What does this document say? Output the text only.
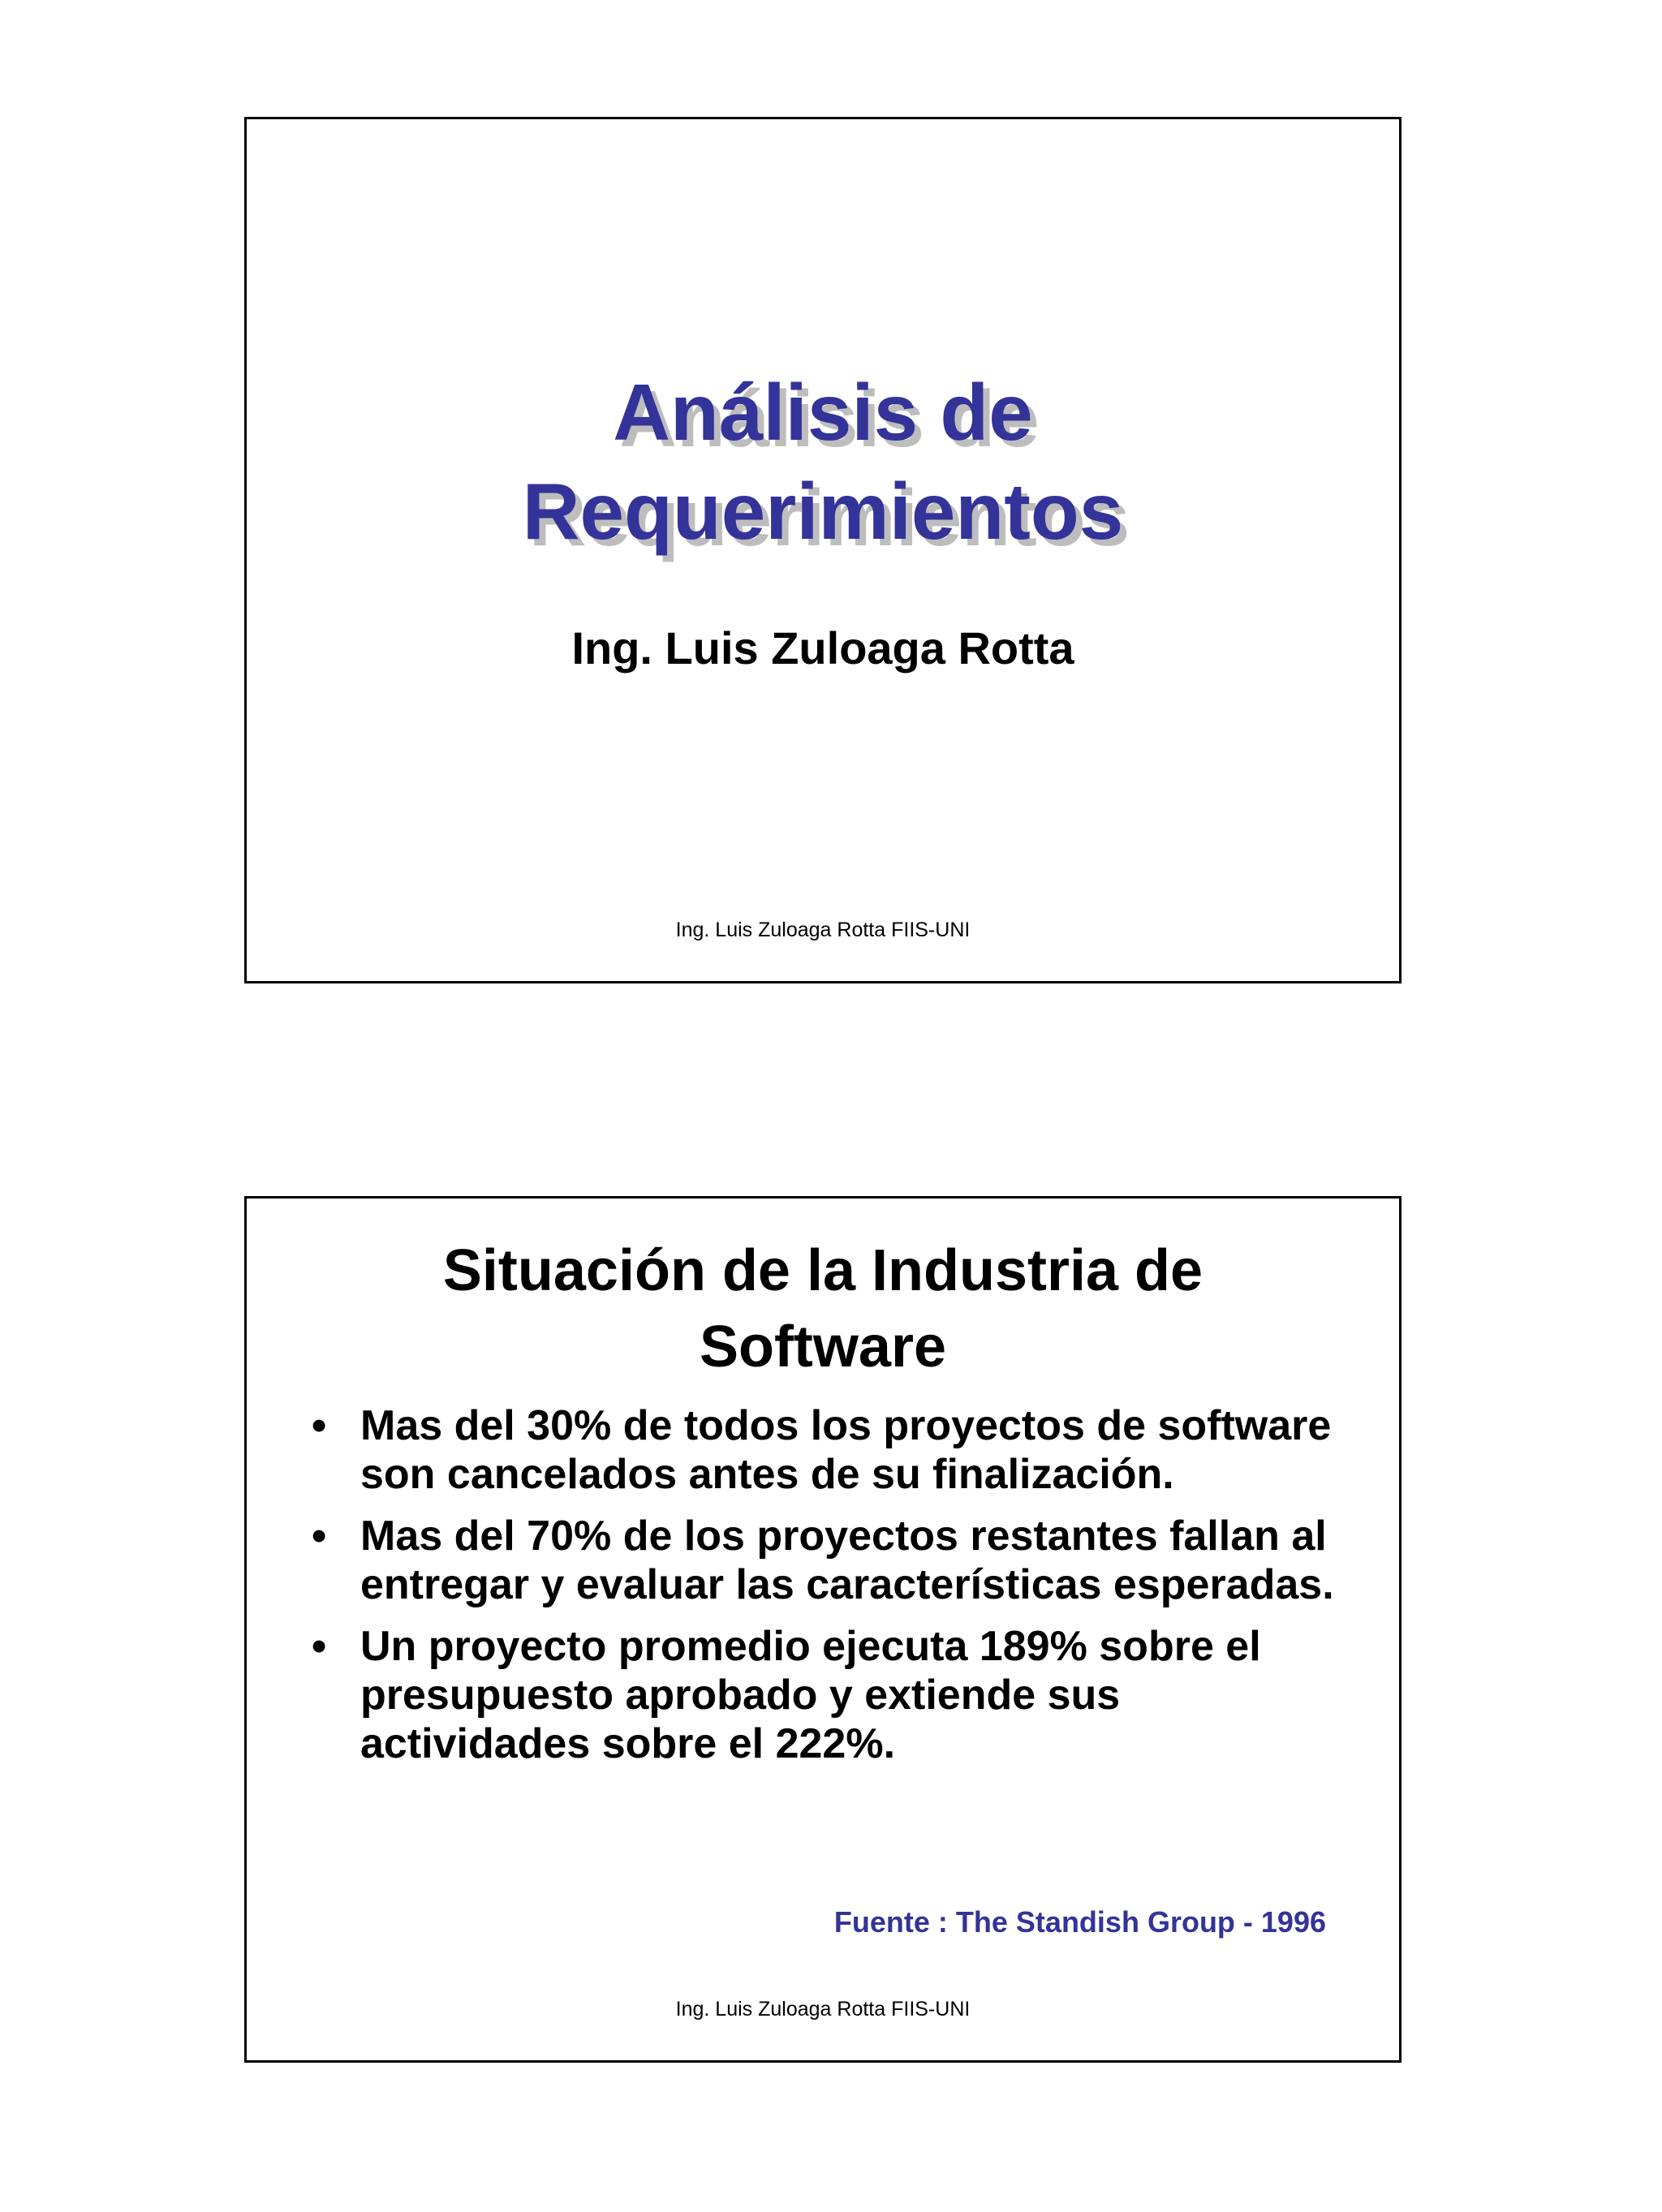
Análisis de
Requerimientos
Ing. Luis Zuloaga Rotta
Ing. Luis Zuloaga Rotta FIIS-UNI
Situación de la Industria de
Software
• Mas del 30% de todos los proyectos de software son cancelados antes de su finalización.
• Mas del 70% de los proyectos restantes fallan al entregar y evaluar las características esperadas.
• Un proyecto promedio ejecuta 189% sobre el presupuesto aprobado y extiende sus actividades sobre el 222%.
Fuente : The Standish Group - 1996
Ing. Luis Zuloaga Rotta FIIS-UNI
